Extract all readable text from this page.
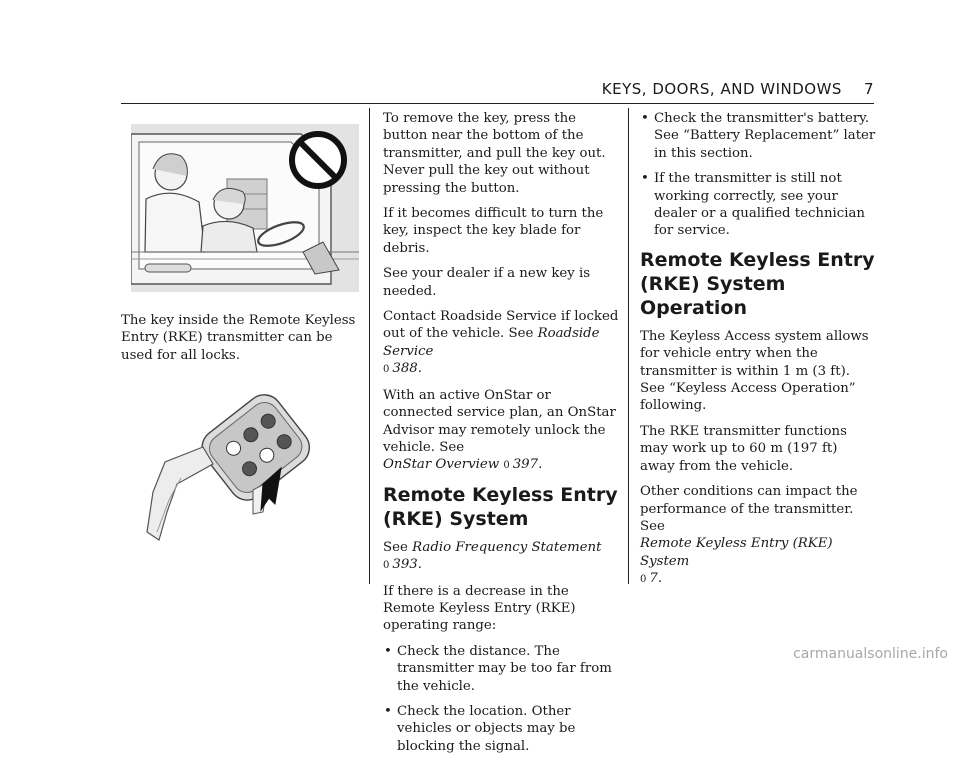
KEYS, DOORS, AND WINDOWS 7

The key inside the Remote Keyless Entry (RKE) transmitter can be used for all locks.

To remove the key, press the button near the bottom of the transmitter, and pull the key out. Never pull the key out without pressing the button.

If it becomes difficult to turn the key, inspect the key blade for debris.

See your dealer if a new key is needed.

Contact Roadside Service if locked out of the vehicle. See Roadside Service
0 388.

With an active OnStar or connected service plan, an OnStar Advisor may remotely unlock the vehicle. See
OnStar Overview 0 397.

Remote Keyless Entry (RKE) System

See Radio Frequency Statement 0 393.

If there is a decrease in the Remote Keyless Entry (RKE) operating range:

• Check the distance. The transmitter may be too far from the vehicle.
• Check the location. Other vehicles or objects may be blocking the signal.
• Check the transmitter's battery. See “Battery Replacement” later in this section.
• If the transmitter is still not working correctly, see your dealer or a qualified technician for service.
Remote Keyless Entry (RKE) System Operation

The Keyless Access system allows for vehicle entry when the transmitter is within 1 m (3 ft). See “Keyless Access Operation” following.

The RKE transmitter functions may work up to 60 m (197 ft) away from the vehicle.

Other conditions can impact the performance of the transmitter. See
Remote Keyless Entry (RKE) System
0 7.

carmanualsonline.info
